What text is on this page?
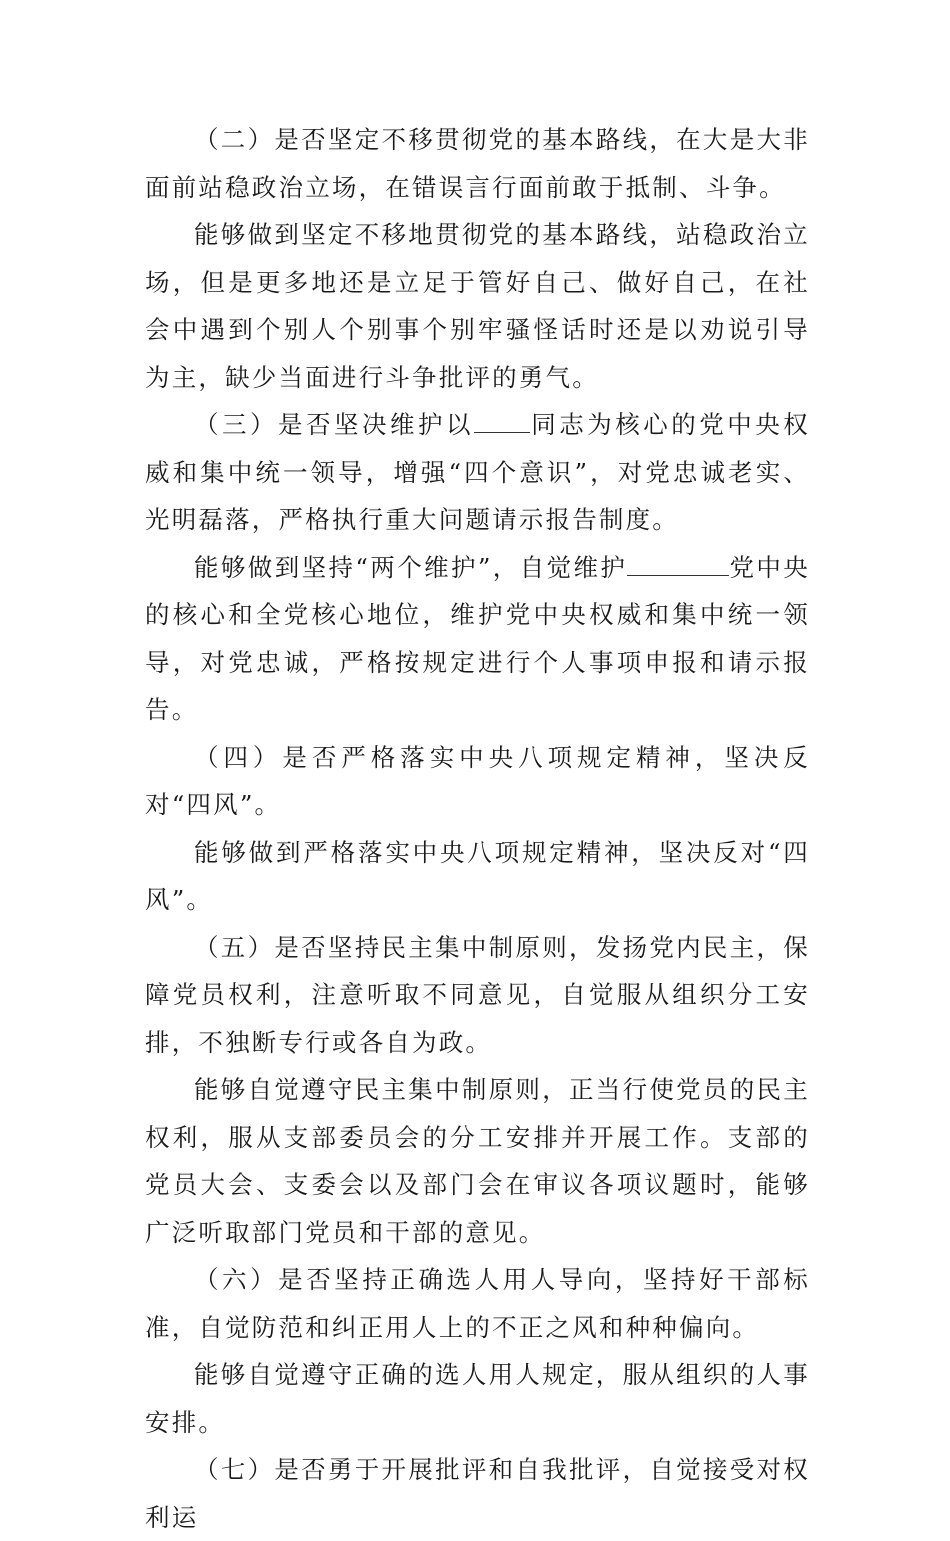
（二）是否坚定不移贯彻党的基本路线，在大是大非面前站稳政治立场，在错误言行面前敢于抵制、斗争。

能够做到坚定不移地贯彻党的基本路线，站稳政治立场，但是更多地还是立足于管好自己、做好自己，在社会中遇到个别人个别事个别牢骚怪话时还是以劝说引导为主，缺少当面进行斗争批评的勇气。

（三）是否坚决维护以 同志为核心的党中央权威和集中统一领导，增强“四个意识”，对党忠诚老实、光明磊落，严格执行重大问题请示报告制度。

能够做到坚持“两个维护”，自觉维护	党中央的核心和全党核心地位，维护党中央权威和集中统一领导，对党忠诚，严格按规定进行个人事项申报和请示报告。

（四）是否严格落实中央八项规定精神，坚决反对“四风”。

能够做到严格落实中央八项规定精神，坚决反对“四风”。

（五）是否坚持民主集中制原则，发扬党内民主，保障党员权利，注意听取不同意见，自觉服从组织分工安排，不独断专行或各自为政。

能够自觉遵守民主集中制原则，正当行使党员的民主权利，服从支部委员会的分工安排并开展工作。支部的党员大会、支委会以及部门会在审议各项议题时，能够广泛听取部门党员和干部的意见。

（六）是否坚持正确选人用人导向，坚持好干部标准，自觉防范和纠正用人上的不正之风和种种偏向。

能够自觉遵守正确的选人用人规定，服从组织的人事安排。

（七）是否勇于开展批评和自我批评，自觉接受对权利运
